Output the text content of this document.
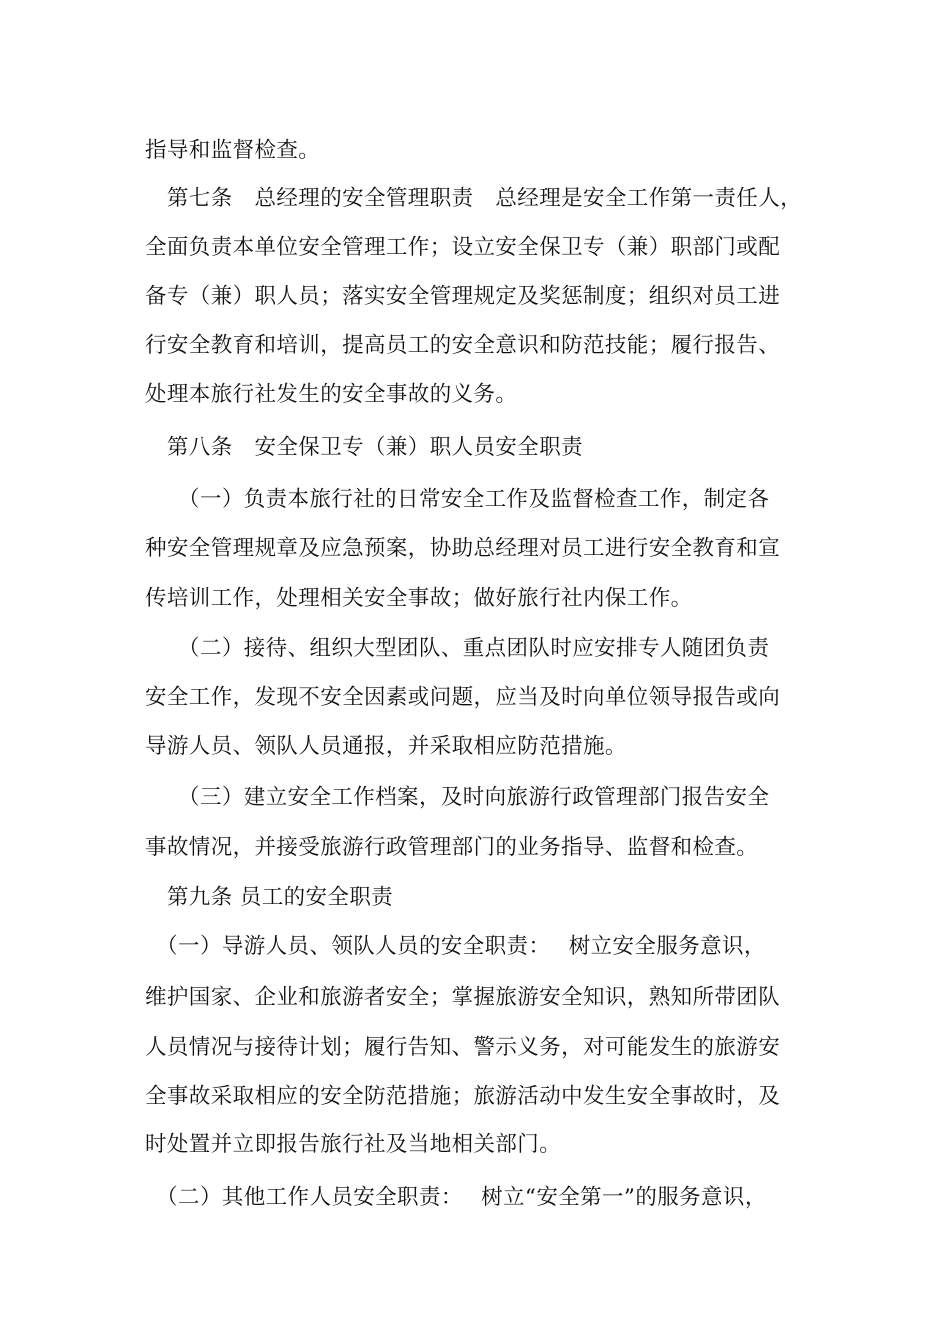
指导和监督检查。
　第七条　总经理的安全管理职责　总经理是安全工作第一责任人，
全面负责本单位安全管理工作；设立安全保卫专（兼）职部门或配
备专（兼）职人员；落实安全管理规定及奖惩制度；组织对员工进
行安全教育和培训，提高员工的安全意识和防范技能；履行报告、
处理本旅行社发生的安全事故的义务。
　第八条　安全保卫专（兼）职人员安全职责
　　（一）负责本旅行社的日常安全工作及监督检查工作，制定各
种安全管理规章及应急预案，协助总经理对员工进行安全教育和宣
传培训工作，处理相关安全事故；做好旅行社内保工作。
　　（二）接待、组织大型团队、重点团队时应安排专人随团负责
安全工作，发现不安全因素或问题，应当及时向单位领导报告或向
导游人员、领队人员通报，并采取相应防范措施。
　　（三）建立安全工作档案，及时向旅游行政管理部门报告安全
事故情况，并接受旅游行政管理部门的业务指导、监督和检查。
　第九条 员工的安全职责
　（一）导游人员、领队人员的安全职责：　 树立安全服务意识，
维护国家、企业和旅游者安全；掌握旅游安全知识，熟知所带团队
人员情况与接待计划；履行告知、警示义务，对可能发生的旅游安
全事故采取相应的安全防范措施；旅游活动中发生安全事故时，及
时处置并立即报告旅行社及当地相关部门。
　（二）其他工作人员安全职责：　 树立“安全第一”的服务意识，
